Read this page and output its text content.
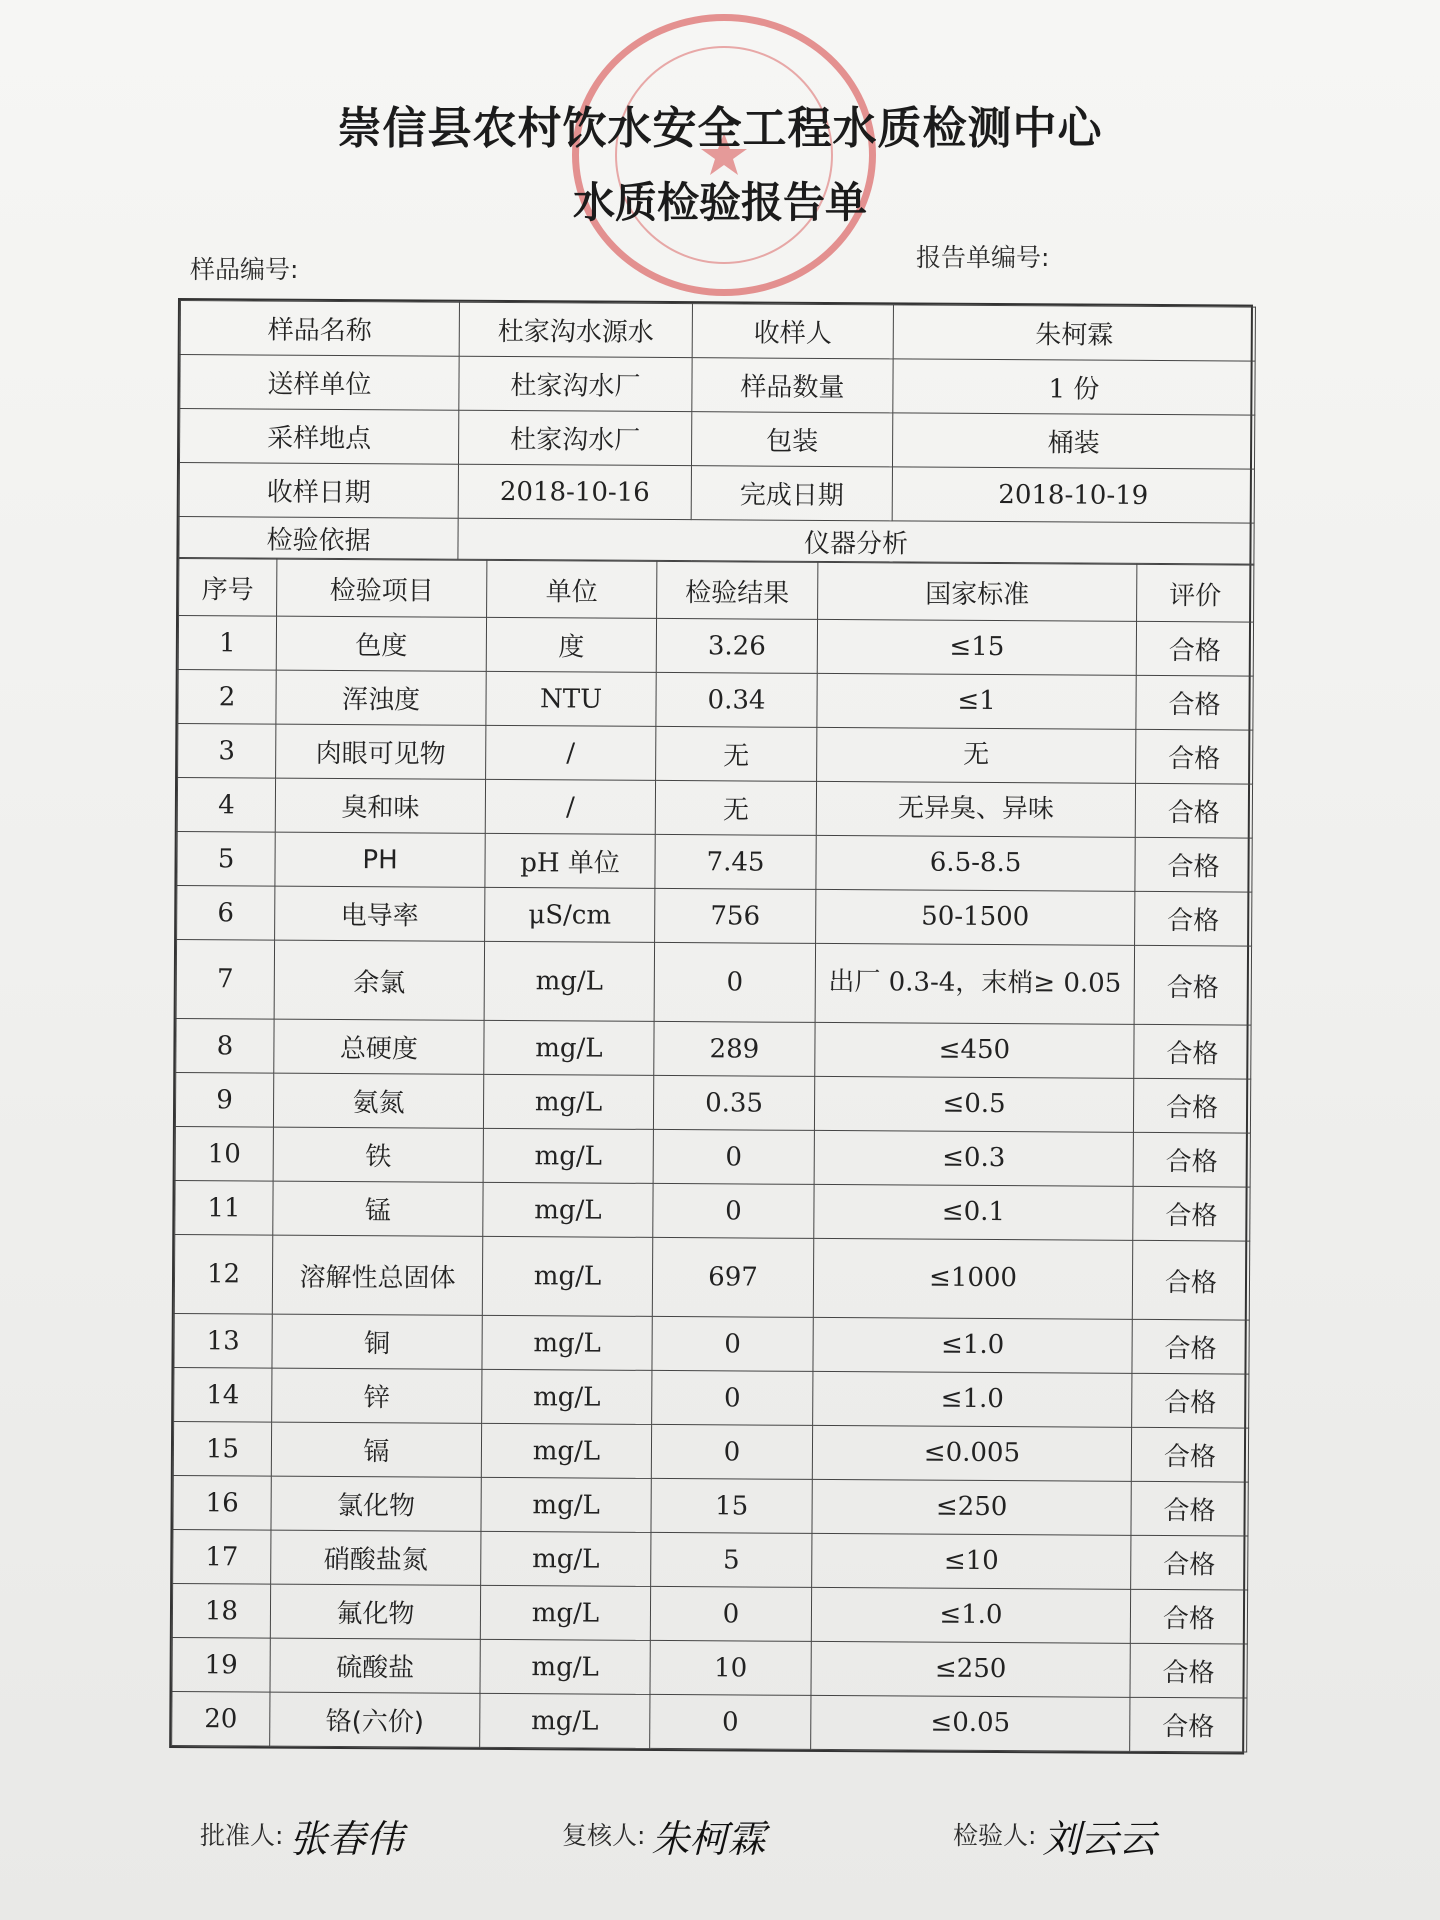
崇信县农村饮水安全工程水质检测中心
水质检验报告单
样品编号:	报告单编号:
样品名称	杜家沟水源水	收样人	朱柯霖
送样单位	杜家沟水厂	样品数量	1 份
采样地点	杜家沟水厂	包装	桶装
收样日期	2018-10-16	完成日期	2018-10-19
检验依据	仪器分析		
序号	检验项目	单位	检验结果	国家标准	评价
1	色度	度	3.26	≤15	合格
2	浑浊度	NTU	0.34	≤1	合格
3	肉眼可见物	/	无	无	合格
4	臭和味	/	无	无异臭、异味	合格
5	PH	pH 单位	7.45	6.5-8.5	合格
6	电导率	μS/cm	756	50-1500	合格
7	余氯	mg/L	0	出厂 0.3-4，末梢≥ 0.05	合格
8	总硬度	mg/L	289	≤450	合格
9	氨氮	mg/L	0.35	≤0.5	合格
10	铁	mg/L	0	≤0.3	合格
11	锰	mg/L	0	≤0.1	合格
12	溶解性总固体	mg/L	697	≤1000	合格
13	铜	mg/L	0	≤1.0	合格
14	锌	mg/L	0	≤1.0	合格
15	镉	mg/L	0	≤0.005	合格
16	氯化物	mg/L	15	≤250	合格
17	硝酸盐氮	mg/L	5	≤10	合格
18	氟化物	mg/L	0	≤1.0	合格
19	硫酸盐	mg/L	10	≤250	合格
20	铬(六价)	mg/L	0	≤0.05	合格
批准人: 张春伟	复核人: 朱柯霖	检验人: 刘云云
